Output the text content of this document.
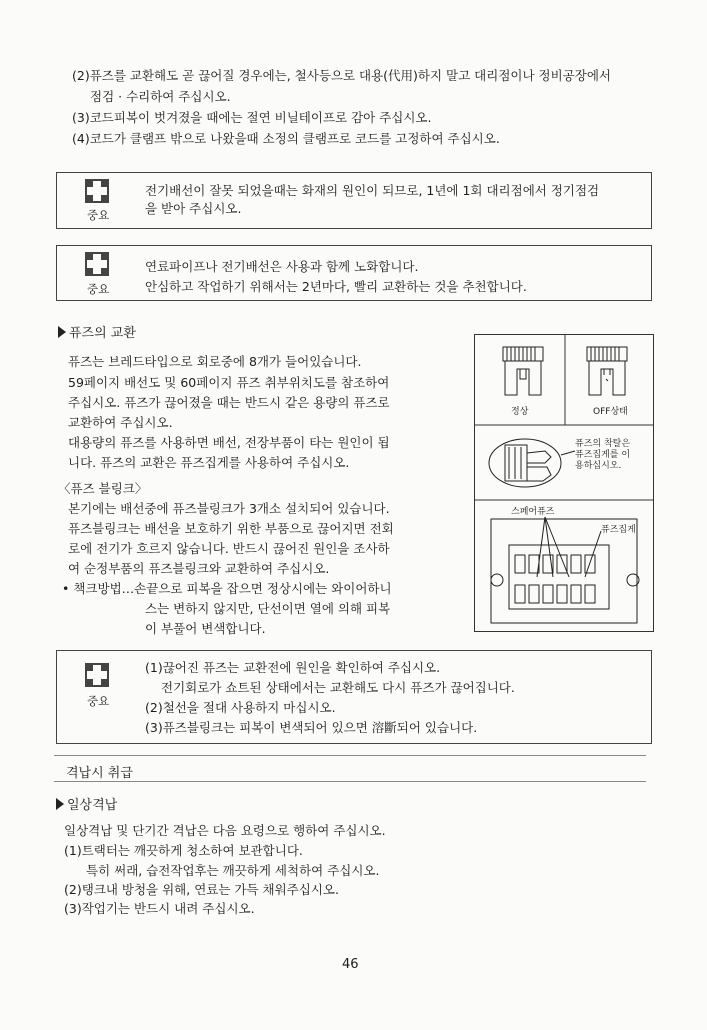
(2)퓨즈를 교환해도 곧 끊어질 경우에는, 철사등으로 대용(代用)하지 말고 대리점이나 정비공장에서
점검 · 수리하여 주십시오.
(3)코드피복이 벗겨졌을 때에는 절연 비닐테이프로 감아 주십시오.
(4)코드가 클램프 밖으로 나왔을때 소정의 클램프로 코드를 고정하여 주십시오.
중요
전기배선이 잘못 되었을때는 화재의 원인이 되므로, 1년에 1회 대리점에서 정기점검
을 받아 주십시오.
중요
연료파이프나 전기배선은 사용과 함께 노화합니다.
안심하고 작업하기 위해서는 2년마다, 빨리 교환하는 것을 추천합니다.
퓨즈의 교환
퓨즈는 브레드타입으로 회로중에 8개가 들어있습니다.
59페이지 배선도 및 60페이지 퓨즈 취부위치도를 참조하여
주십시오. 퓨즈가 끊어졌을 때는 반드시 같은 용량의 퓨즈로
교환하여 주십시오.
대용량의 퓨즈를 사용하면 배선, 전장부품이 타는 원인이 됩
니다. 퓨즈의 교환은 퓨즈집게를 사용하여 주십시오.
〈퓨즈 블링크〉
본기에는 배선중에 퓨즈블링크가 3개소 설치되어 있습니다.
퓨즈블링크는 배선을 보호하기 위한 부품으로 끊어지면 전회
로에 전기가 흐르지 않습니다. 반드시 끊어진 원인을 조사하
여 순정부품의 퓨즈블링크와 교환하여 주십시오.
• 책크방법…손끝으로 피복을 잡으면 정상시에는 와이어하니
스는 변하지 않지만, 단선이면 열에 의해 피복
이 부풀어 변색합니다.
정상	OFF상태
퓨즈의 착탈은
퓨즈집게를 이
용하십시오.
스페어퓨즈
퓨즈집게
중요
(1)끊어진 퓨즈는 교환전에 원인을 확인하여 주십시오.
전기회로가 쇼트된 상태에서는 교환해도 다시 퓨즈가 끊어집니다.
(2)철선을 절대 사용하지 마십시오.
(3)퓨즈블링크는 피복이 변색되어 있으면 溶斷되어 있습니다.
격납시 취급
일상격납
일상격납 및 단기간 격납은 다음 요령으로 행하여 주십시오.
(1)트랙터는 깨끗하게 청소하여 보관합니다.
특히 써래, 습전작업후는 깨끗하게 세척하여 주십시오.
(2)탱크내 방청을 위해, 연료는 가득 채워주십시오.
(3)작업기는 반드시 내려 주십시오.
46
